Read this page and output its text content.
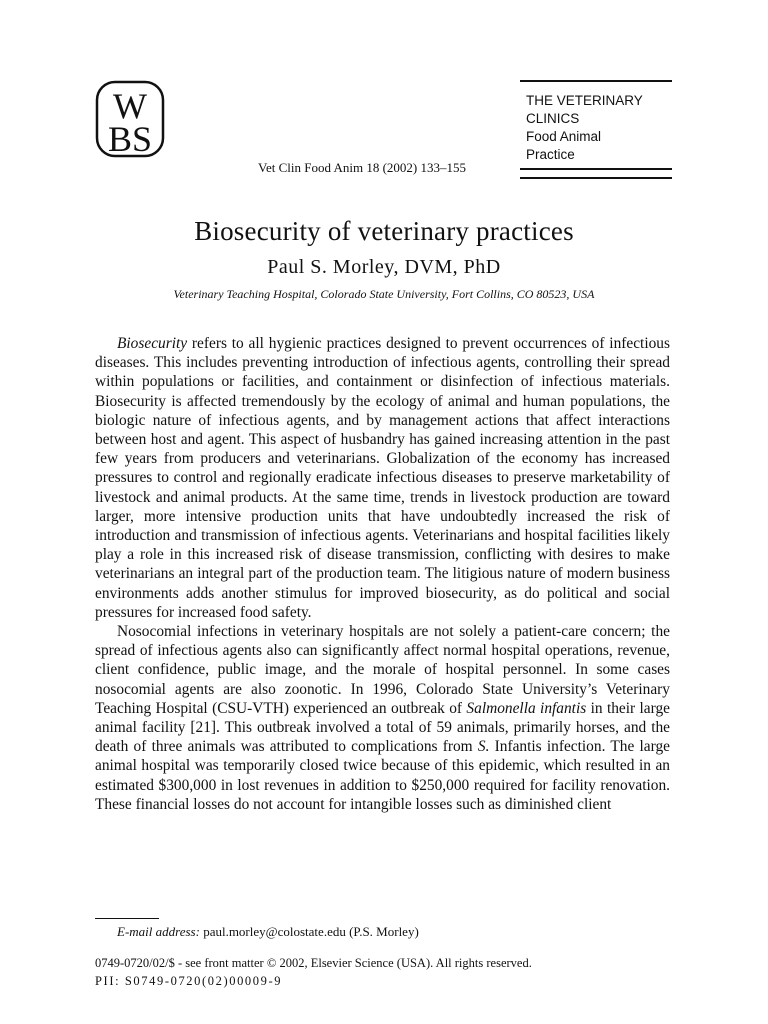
W
BS
THE VETERINARY
CLINICS
Food Animal
Practice
Vet Clin Food Anim 18 (2002) 133–155
Biosecurity of veterinary practices
Paul S. Morley, DVM, PhD
Veterinary Teaching Hospital, Colorado State University, Fort Collins, CO 80523, USA

Biosecurity refers to all hygienic practices designed to prevent occurrences of infectious diseases. This includes preventing introduction of infectious agents, controlling their spread within populations or facilities, and containment or disinfection of infectious materials. Biosecurity is affected tremendously by the ecology of animal and human populations, the biologic nature of infectious agents, and by management actions that affect interactions between host and agent. This aspect of husbandry has gained increasing attention in the past few years from producers and veterinarians. Globalization of the economy has increased pressures to control and regionally eradicate infectious diseases to preserve marketability of livestock and animal products. At the same time, trends in livestock production are toward larger, more intensive production units that have undoubtedly increased the risk of introduction and transmission of infectious agents. Veterinarians and hospital facilities likely play a role in this increased risk of disease transmission, conflicting with desires to make veterinarians an integral part of the production team. The litigious nature of modern business environments adds another stimulus for improved biosecurity, as do political and social pressures for increased food safety.

Nosocomial infections in veterinary hospitals are not solely a patient-care concern; the spread of infectious agents also can significantly affect normal hospital operations, revenue, client confidence, public image, and the morale of hospital personnel. In some cases nosocomial agents are also zoonotic. In 1996, Colorado State University’s Veterinary Teaching Hospital (CSU-VTH) experienced an outbreak of Salmonella infantis in their large animal facility [21]. This outbreak involved a total of 59 animals, primarily horses, and the death of three animals was attributed to complications from S. Infantis infection. The large animal hospital was temporarily closed twice because of this epidemic, which resulted in an estimated $300,000 in lost revenues in addition to $250,000 required for facility renovation. These financial losses do not account for intangible losses such as diminished client

E-mail address: paul.morley@colostate.edu (P.S. Morley)
0749-0720/02/$ - see front matter © 2002, Elsevier Science (USA). All rights reserved.
PII: S0749-0720(02)00009-9
